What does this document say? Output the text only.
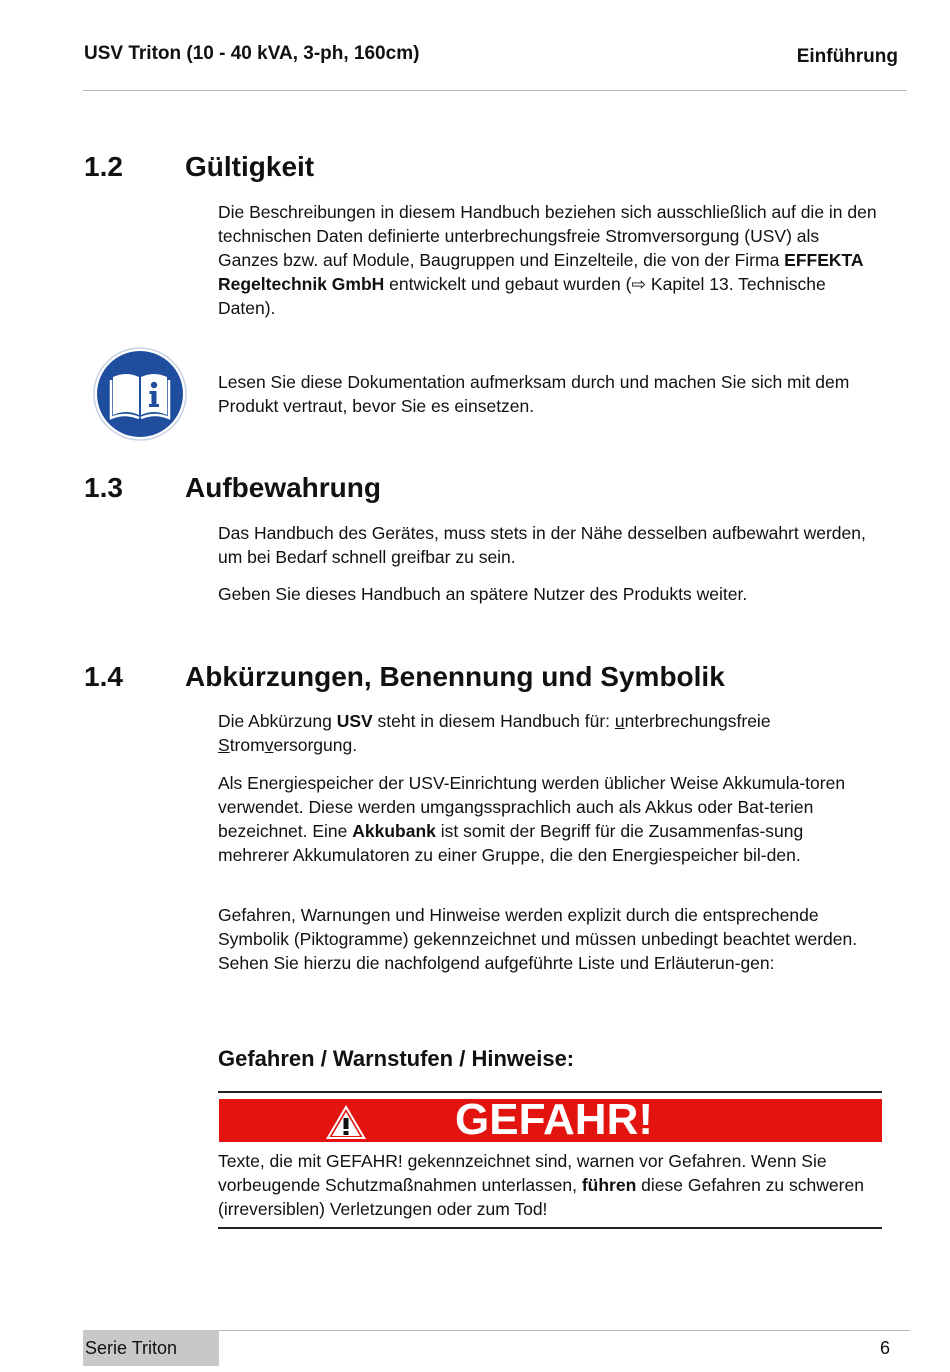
USV Triton (10 - 40 kVA, 3-ph, 160cm)	Einführung
1.2 Gültigkeit

Die Beschreibungen in diesem Handbuch beziehen sich ausschließlich auf die in den technischen Daten definierte unterbrechungsfreie Stromversorgung (USV) als Ganzes bzw. auf Module, Baugruppen und Einzelteile, die von der Firma EFFEKTA Regeltechnik GmbH entwickelt und gebaut wurden (⇨ Kapitel 13. Technische Daten).

Lesen Sie diese Dokumentation aufmerksam durch und machen Sie sich mit dem Produkt vertraut, bevor Sie es einsetzen.

1.3 Aufbewahrung

Das Handbuch des Gerätes, muss stets in der Nähe desselben aufbewahrt werden, um bei Bedarf schnell greifbar zu sein.

Geben Sie dieses Handbuch an spätere Nutzer des Produkts weiter.

1.4 Abkürzungen, Benennung und Symbolik

Die Abkürzung USV steht in diesem Handbuch für: unterbrechungsfreie Stromversorgung.

Als Energiespeicher der USV-Einrichtung werden üblicher Weise Akkumula-toren verwendet. Diese werden umgangssprachlich auch als Akkus oder Bat-terien bezeichnet. Eine Akkubank ist somit der Begriff für die Zusammenfas-sung mehrerer Akkumulatoren zu einer Gruppe, die den Energiespeicher bil-den.

Gefahren, Warnungen und Hinweise werden explizit durch die entsprechende Symbolik (Piktogramme) gekennzeichnet und müssen unbedingt beachtet werden. Sehen Sie hierzu die nachfolgend aufgeführte Liste und Erläuterun-gen:

Gefahren / Warnstufen / Hinweise:
GEFAHR!

Texte, die mit GEFAHR! gekennzeichnet sind, warnen vor Gefahren. Wenn Sie vorbeugende Schutzmaßnahmen unterlassen, führen diese Gefahren zu schweren (irreversiblen) Verletzungen oder zum Tod!

Serie Triton	6
